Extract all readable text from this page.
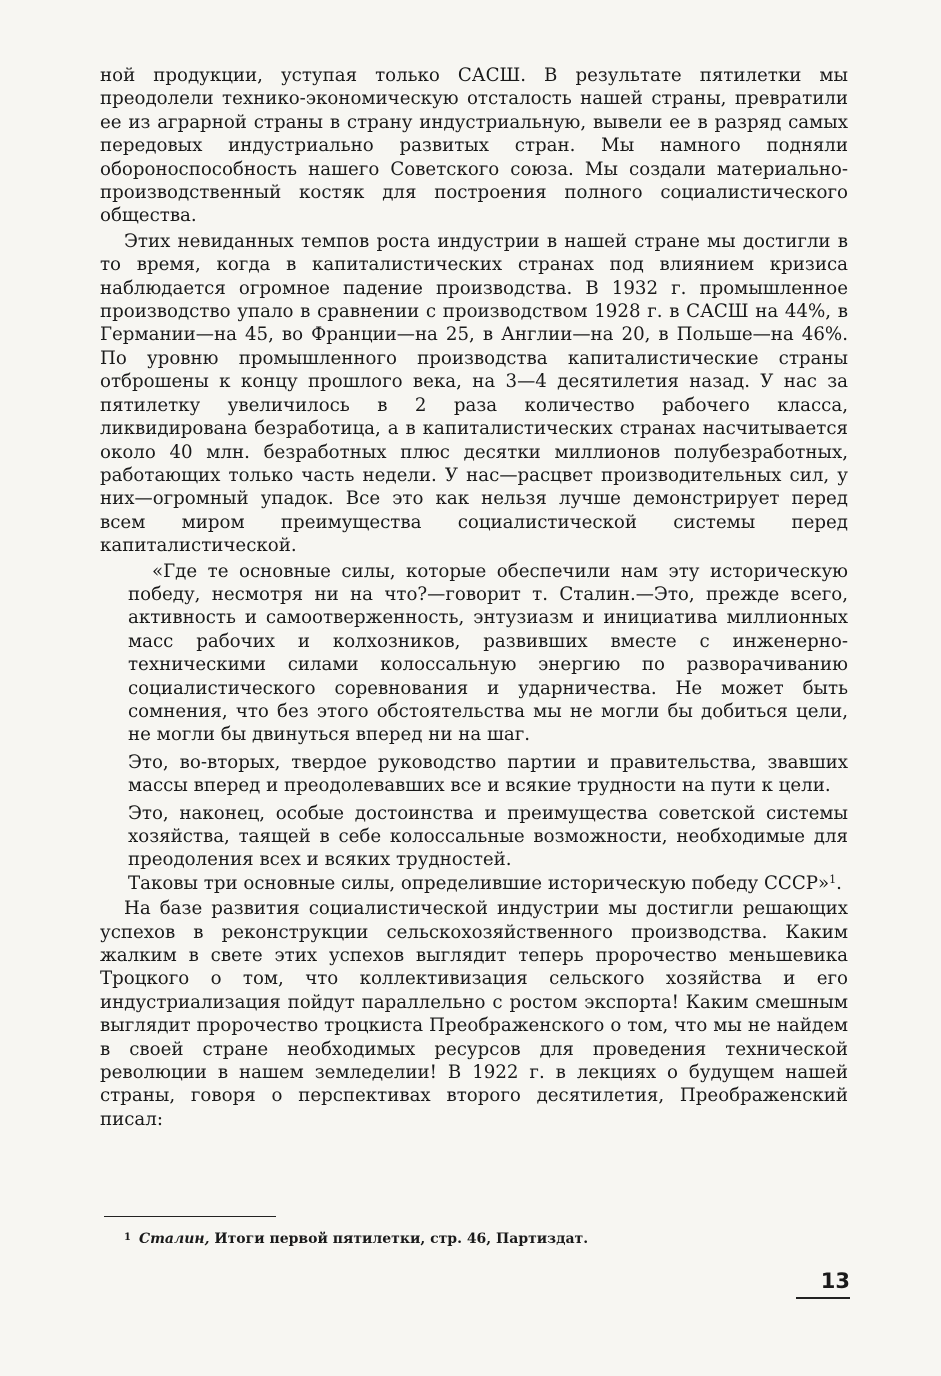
ной продукции, уступая только САСШ. В результате пятилетки мы преодолели технико-экономическую отсталость нашей страны, превратили ее из аграрной страны в страну индустриальную, вывели ее в разряд самых передовых индустриально развитых стран. Мы намного подняли обороноспособность нашего Советского союза. Мы создали материально-производственный костяк для построения полного социалистического общества.

Этих невиданных темпов роста индустрии в нашей стране мы достигли в то время, когда в капиталистических странах под влиянием кризиса наблюдается огромное падение производства. В 1932 г. промышленное производство упало в сравнении с производством 1928 г. в САСШ на 44%, в Германии—на 45, во Франции—на 25, в Англии—на 20, в Польше—на 46%. По уровню промышленного производства капиталистические страны отброшены к концу прошлого века, на 3—4 десятилетия назад. У нас за пятилетку увеличилось в 2 раза количество рабочего класса, ликвидирована безработица, а в капиталистических странах насчитывается около 40 млн. безработных плюс десятки миллионов полубезработных, работающих только часть недели. У нас—расцвет производительных сил, у них—огромный упадок. Все это как нельзя лучше демонстрирует перед всем миром преимущества социалистической системы перед капиталистической.

«Где те основные силы, которые обеспечили нам эту историческую победу, несмотря ни на что?—говорит т. Сталин.—Это, прежде всего, активность и самоотверженность, энтузиазм и инициатива миллионных масс рабочих и колхозников, развивших вместе с инженерно-техническими силами колоссальную энергию по разворачиванию социалистического соревнования и ударничества. Не может быть сомнения, что без этого обстоятельства мы не могли бы добиться цели, не могли бы двинуться вперед ни на шаг.

Это, во-вторых, твердое руководство партии и правительства, звавших массы вперед и преодолевавших все и всякие трудности на пути к цели.

Это, наконец, особые достоинства и преимущества советской системы хозяйства, таящей в себе колоссальные возможности, необходимые для преодоления всех и всяких трудностей.

Таковы три основные силы, определившие историческую победу СССР»$^1$.

На базе развития социалистической индустрии мы достигли решающих успехов в реконструкции сельскохозяйственного производства. Каким жалким в свете этих успехов выглядит теперь пророчество меньшевика Троцкого о том, что коллективизация сельского хозяйства и его индустриализация пойдут параллельно с ростом экспорта! Каким смешным выглядит пророчество троцкиста Преображенского о том, что мы не найдем в своей стране необходимых ресурсов для проведения технической революции в нашем земледелии! В 1922 г. в лекциях о будущем нашей страны, говоря о перспективах второго десятилетия, Преображенский писал:

$^1$ Сталин, Итоги первой пятилетки, стр. 46, Партиздат.
13
